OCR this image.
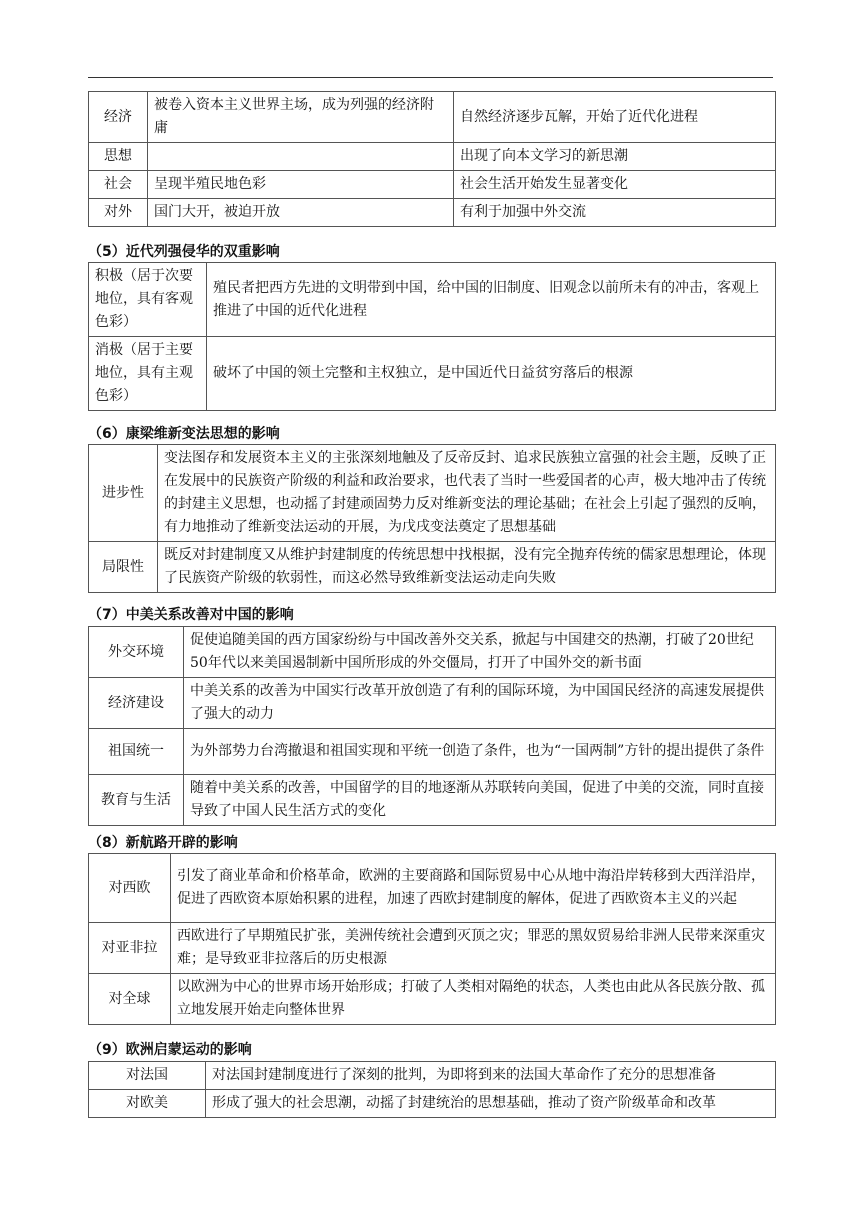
经济	被卷入资本主义世界主场，成为列强的经济附庸	自然经济逐步瓦解，开始了近代化进程
思想		出现了向本文学习的新思潮
社会	呈现半殖民地色彩	社会生活开始发生显著变化
对外	国门大开，被迫开放	有利于加强中外交流
（5）近代列强侵华的双重影响
积极（居于次要地位，具有客观色彩）	殖民者把西方先进的文明带到中国，给中国的旧制度、旧观念以前所未有的冲击，客观上推进了中国的近代化进程
消极（居于主要地位，具有主观色彩）	破坏了中国的领土完整和主权独立，是中国近代日益贫穷落后的根源
（6）康梁维新变法思想的影响
进步性	变法图存和发展资本主义的主张深刻地触及了反帝反封、追求民族独立富强的社会主题，反映了正在发展中的民族资产阶级的利益和政治要求，也代表了当时一些爱国者的心声，极大地冲击了传统的封建主义思想，也动摇了封建顽固势力反对维新变法的理论基础；在社会上引起了强烈的反响，有力地推动了维新变法运动的开展，为戊戌变法奠定了思想基础
局限性	既反对封建制度又从维护封建制度的传统思想中找根据，没有完全抛弃传统的儒家思想理论，体现了民族资产阶级的软弱性，而这必然导致维新变法运动走向失败
（7）中美关系改善对中国的影响
外交环境	促使追随美国的西方国家纷纷与中国改善外交关系，掀起与中国建交的热潮，打破了20世纪50年代以来美国遏制新中国所形成的外交僵局，打开了中国外交的新书面
经济建设	中美关系的改善为中国实行改革开放创造了有利的国际环境，为中国国民经济的高速发展提供了强大的动力
祖国统一	为外部势力台湾撤退和祖国实现和平统一创造了条件，也为“一国两制”方针的提出提供了条件
教育与生活	随着中美关系的改善，中国留学的目的地逐渐从苏联转向美国，促进了中美的交流，同时直接导致了中国人民生活方式的变化
（8）新航路开辟的影响
对西欧	引发了商业革命和价格革命，欧洲的主要商路和国际贸易中心从地中海沿岸转移到大西洋沿岸，促进了西欧资本原始积累的进程，加速了西欧封建制度的解体，促进了西欧资本主义的兴起
对亚非拉	西欧进行了早期殖民扩张，美洲传统社会遭到灭顶之灾；罪恶的黑奴贸易给非洲人民带来深重灾难；是导致亚非拉落后的历史根源
对全球	以欧洲为中心的世界市场开始形成；打破了人类相对隔绝的状态，人类也由此从各民族分散、孤立地发展开始走向整体世界
（9）欧洲启蒙运动的影响
对法国	对法国封建制度进行了深刻的批判，为即将到来的法国大革命作了充分的思想准备
对欧美	形成了强大的社会思潮，动摇了封建统治的思想基础，推动了资产阶级革命和改革
